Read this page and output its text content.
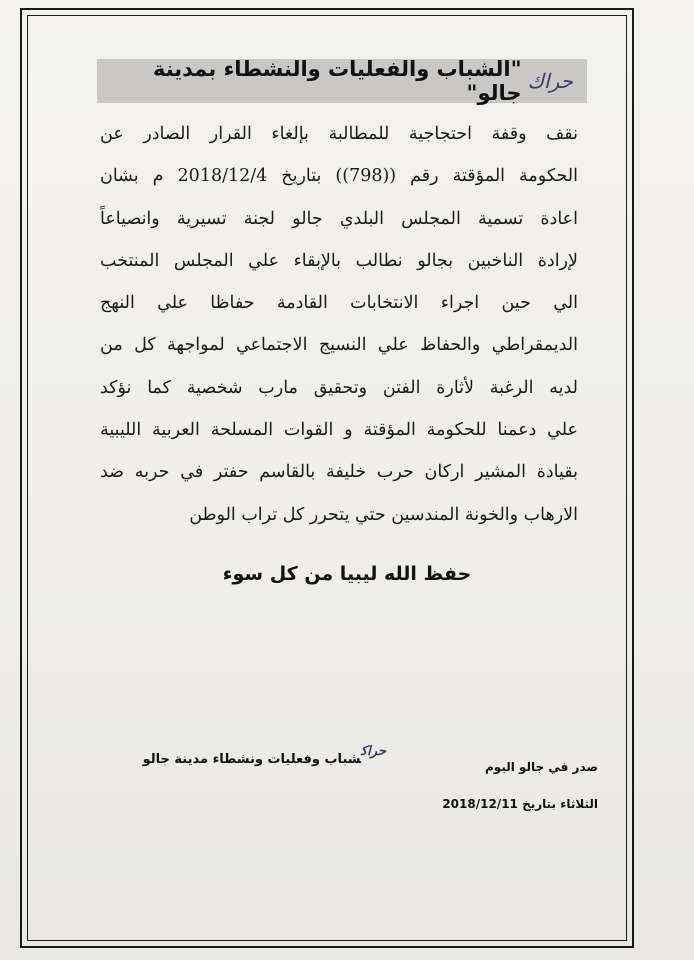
حراك
"الشباب والفعليات والنشطاء بمدينة جالو"
نقف وقفة احتجاجية للمطالبة بإلغاء القرار الصادر عن
الحكومة المؤقتة رقم ((798)) بتاريخ 2018/12/4 م بشان
اعادة تسمية المجلس البلدي جالو لجنة تسيرية وانصياعاً
لإرادة الناخبين بجالو نطالب بالإبقاء علي المجلس المنتخب
الي حين اجراء الانتخابات القادمة حفاظا علي النهج
الديمقراطي والحفاظ علي النسيج الاجتماعي لمواجهة كل من
لديه الرغبة لأثارة الفتن وتحقيق مارب شخصية كما نؤكد
علي دعمنا للحكومة المؤقتة و القوات المسلحة العربية الليبية
بقيادة المشير اركان حرب خليفة بالقاسم حفتر في حربه ضد
الارهاب والخونة المندسين حتي يتحرر كل تراب الوطن
حفظ الله ليبيا من كل سوء
حراكشباب وفعليات ونشطاء مدينة جالو	صدر في جالو اليوم
الثلاثاء بتاريخ 2018/12/11
